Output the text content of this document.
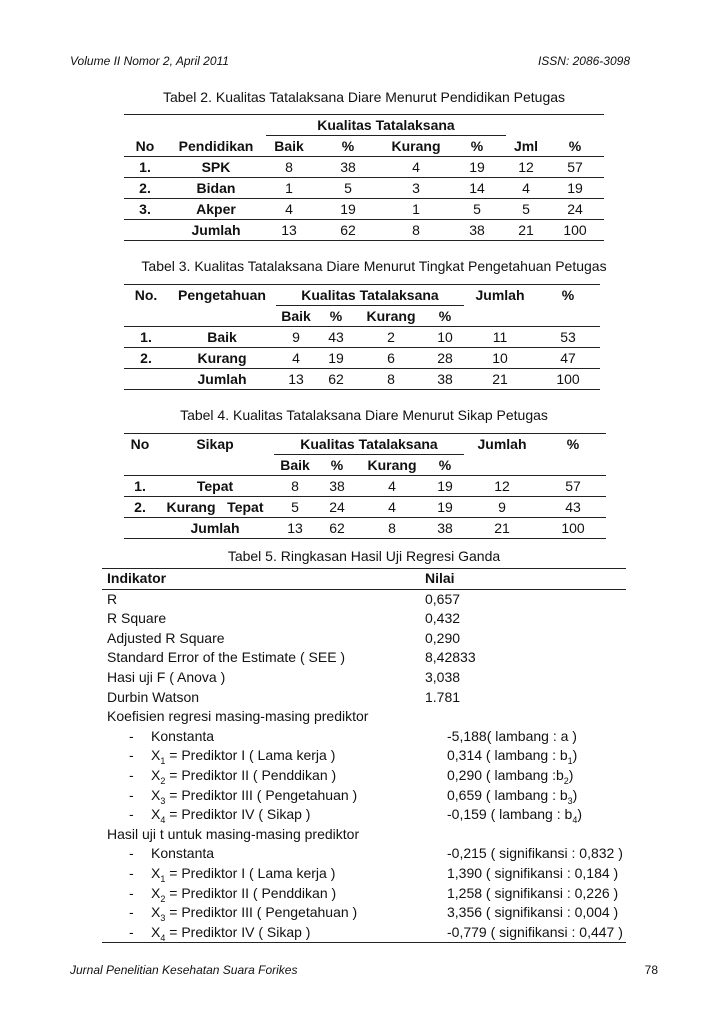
Volume II Nomor 2, April 2011	ISSN: 2086-3098
Tabel 2. Kualitas Tatalaksana Diare Menurut Pendidikan Petugas
		Kualitas Tatalaksana					
No	Pendidikan	Baik	%	Kurang	%	Jml	%
1.	SPK	8	38	4	19	12	57
2.	Bidan	1	5	3	14	4	19
3.	Akper	4	19	1	5	5	24
	Jumlah	13	62	8	38	21	100
Tabel 3. Kualitas Tatalaksana Diare Menurut Tingkat Pengetahuan Petugas
No.	Pengetahuan	Kualitas Tatalaksana				Jumlah	%
		Baik	%	Kurang	%		
1.	Baik	9	43	2	10	11	53
2.	Kurang	4	19	6	28	10	47
	Jumlah	13	62	8	38	21	100
Tabel 4. Kualitas Tatalaksana Diare Menurut Sikap Petugas
No	Sikap	Kualitas Tatalaksana				Jumlah	%
		Baik	%	Kurang	%		
1.	Tepat	8	38	4	19	12	57
2.	Kurang   Tepat	5	24	4	19	9	43
	Jumlah	13	62	8	38	21	100
Tabel 5. Ringkasan Hasil Uji Regresi Ganda
Indikator	Nilai
R	0,657
R Square	0,432
Adjusted R Square	0,290
Standard Error of the Estimate ( SEE )	8,42833
Hasi uji F ( Anova )	3,038
Durbin Watson	1.781
Koefisien regresi masing-masing prediktor
- Konstanta	-5,188( lambang : a )
- $X_1$ = Prediktor I ( Lama kerja )	0,314 ( lambang : $b_1$)
- $X_2$ = Prediktor II ( Penddikan )	0,290 ( lambang $:b_2$)
- $X_3$ = Prediktor III ( Pengetahuan )	0,659 ( lambang : $b_3$)
- $X_4$ = Prediktor IV ( Sikap )	-0,159 ( lambang : $b_4$)
Hasil uji t untuk masing-masing prediktor
- Konstanta	-0,215 ( signifikansi : 0,832 )
- $X_1$ = Prediktor I ( Lama kerja )	1,390 ( signifikansi : 0,184 )
- $X_2$ = Prediktor II ( Penddikan )	1,258 ( signifikansi : 0,226 )
- $X_3$ = Prediktor III ( Pengetahuan )	3,356 ( signifikansi : 0,004 )
- $X_4$ = Prediktor IV ( Sikap )	-0,779 ( signifikansi : 0,447 )
Jurnal Penelitian Kesehatan Suara Forikes	78
